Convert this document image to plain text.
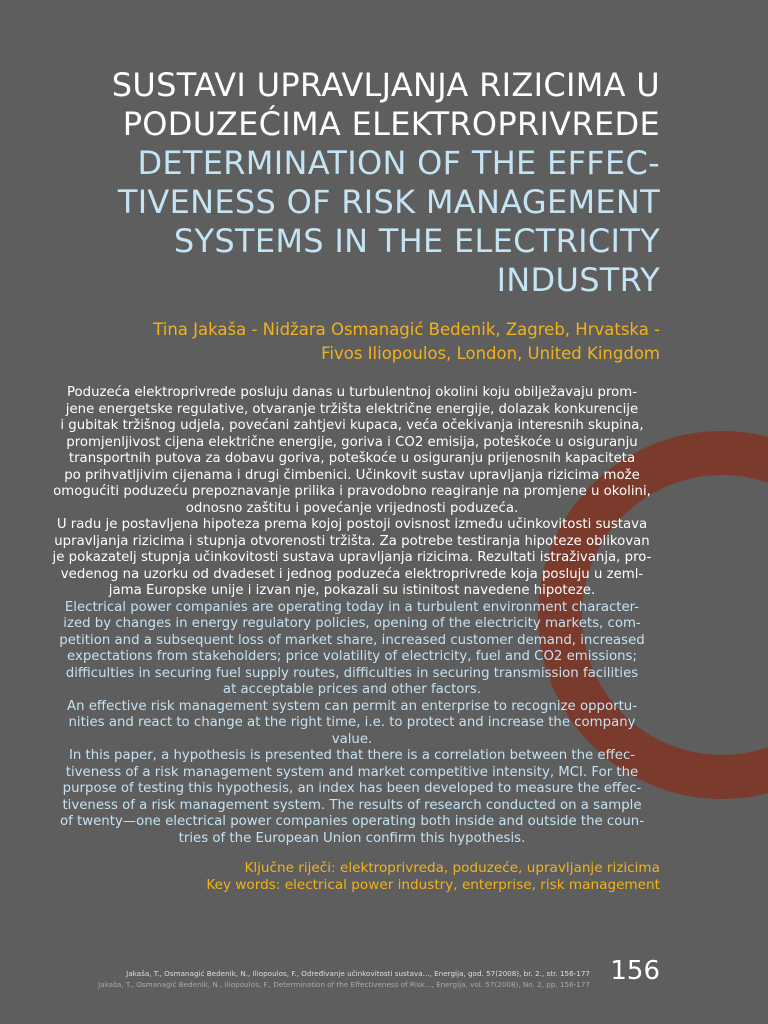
SUSTAVI UPRAVLJANJA RIZICIMA U
PODUZEĆIMA ELEKTROPRIVREDE
DETERMINATION OF THE EFFEC-
TIVENESS OF RISK MANAGEMENT
SYSTEMS IN THE ELECTRICITY
INDUSTRY
Tina Jakaša - Nidžara Osmanagić Bedenik, Zagreb, Hrvatska -
Fivos Iliopoulos, London, United Kingdom
Poduzeća elektroprivrede posluju danas u turbulentnoj okolini koju obilježavaju prom-
jene energetske regulative, otvaranje tržišta električne energije, dolazak konkurencije
i gubitak tržišnog udjela, povećani zahtjevi kupaca, veća očekivanja interesnih skupina,
promjenljivost cijena električne energije, goriva i CO2 emisija, poteškoće u osiguranju
transportnih putova za dobavu goriva, poteškoće u osiguranju prijenosnih kapaciteta
po prihvatljivim cijenama i drugi čimbenici. Učinkovit sustav upravljanja rizicima može
omogućiti poduzeću prepoznavanje prilika i pravodobno reagiranje na promjene u okolini,
odnosno zaštitu i povećanje vrijednosti poduzeća.
U radu je postavljena hipoteza prema kojoj postoji ovisnost između učinkovitosti sustava
upravljanja rizicima i stupnja otvorenosti tržišta. Za potrebe testiranja hipoteze oblikovan
je pokazatelj stupnja učinkovitosti sustava upravljanja rizicima. Rezultati istraživanja, pro-
vedenog na uzorku od dvadeset i jednog poduzeća elektroprivrede koja posluju u zeml-
jama Europske unije i izvan nje, pokazali su istinitost navedene hipoteze.
Electrical power companies are operating today in a turbulent environment character-
ized by changes in energy regulatory policies, opening of the electricity markets, com-
petition and a subsequent loss of market share, increased customer demand, increased
expectations from stakeholders; price volatility of electricity, fuel and CO2 emissions;
difficulties in securing fuel supply routes, difficulties in securing transmission facilities
at acceptable prices and other factors.
An effective risk management system can permit an enterprise to recognize opportu-
nities and react to change at the right time, i.e. to protect and increase the company
value.
In this paper, a hypothesis is presented that there is a correlation between the effec-
tiveness of a risk management system and market competitive intensity, MCI. For the
purpose of testing this hypothesis, an index has been developed to measure the effec-
tiveness of a risk management system. The results of research conducted on a sample
of twenty—one electrical power companies operating both inside and outside the coun-
tries of the European Union confirm this hypothesis.
Ključne riječi: elektroprivreda, poduzeće, upravljanje rizicima
Key words: electrical power industry, enterprise, risk management
Jakaša, T., Osmanagić Bedenik, N., Iliopoulos, F., Određivanje učinkovitosti sustava..., Energija, god. 57(2008), br. 2., str. 156-177
Jakaša, T., Osmanagić Bedenik, N., Iliopoulos, F., Determination of the Effectiveness of Risk..., Energija, vol. 57(2008), No. 2, pp. 156-177 156
